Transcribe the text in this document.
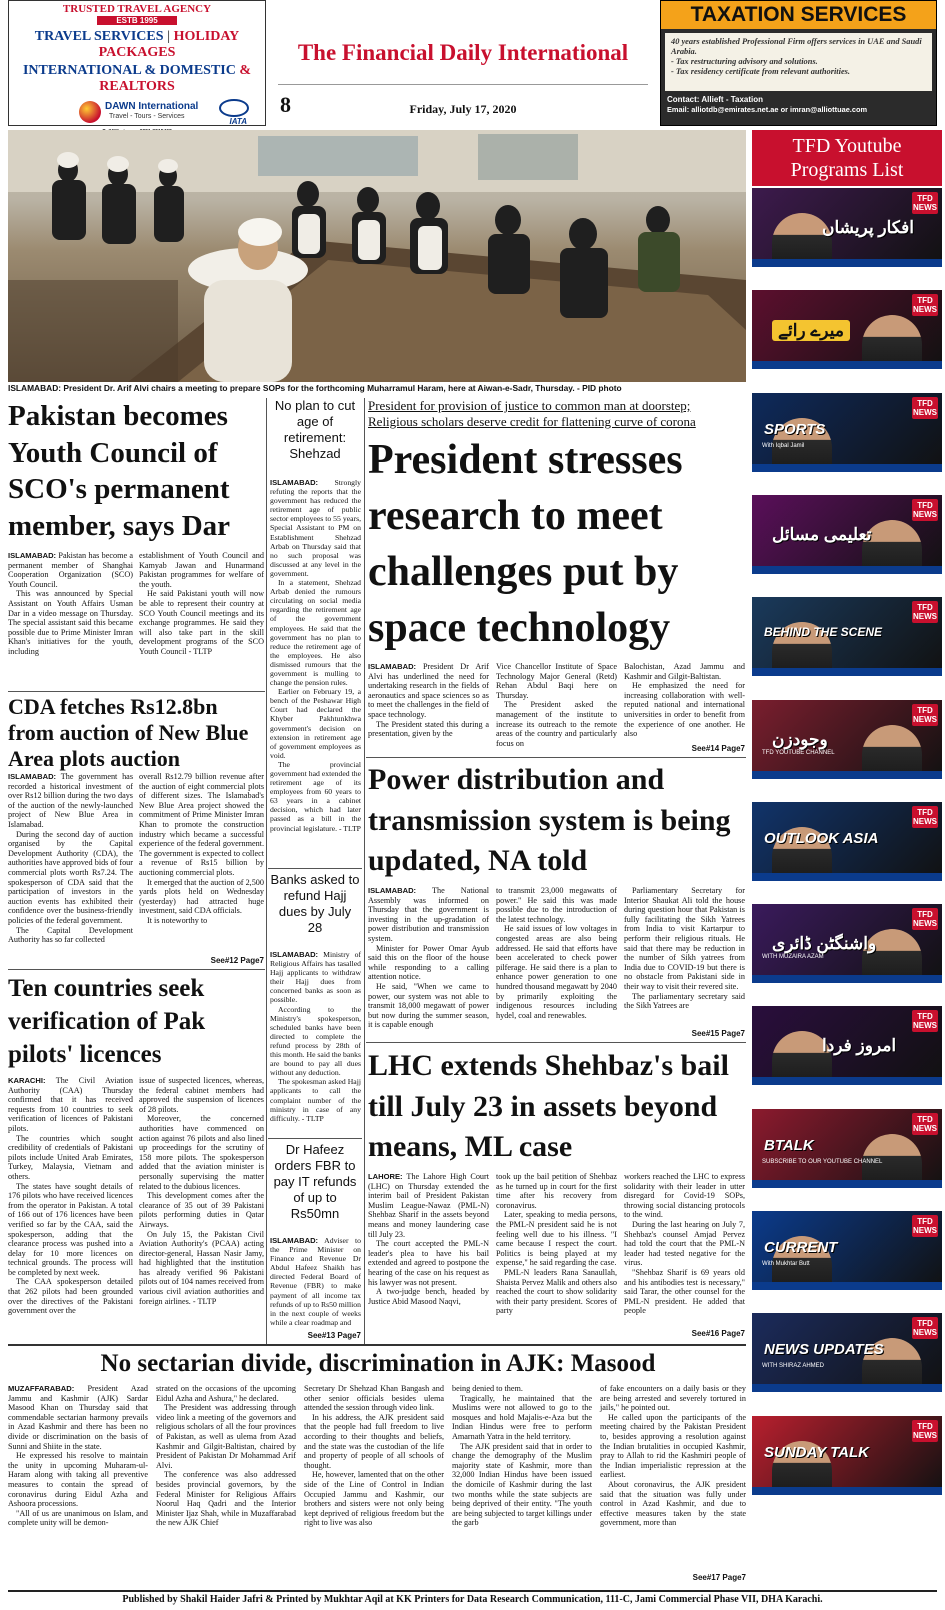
TRUSTED TRAVEL AGENCY
ESTB 1995
TRAVEL SERVICES | HOLIDAY PACKAGES
INTERNATIONAL & DOMESTIC & REALTORS
DAWN International
Travel - Tours - Services
IATA
The Financial Daily International
8	Friday, July 17, 2020
TAXATION SERVICES
40 years established Professional Firm offers services in UAE and Saudi Arabia.
- Tax restructuring advisory and solutions.
- Tax residency certificate from relevant authorities.
Contact: Allieft - Taxation
Email: alliotdb@emirates.net.ae or imran@alliottuae.com
ISLAMABAD: President Dr. Arif Alvi chairs a meeting to prepare SOPs for the forthcoming Muharramul Haram, here at Aiwan-e-Sadr, Thursday. - PID photo
TFD Youtube Programs List
TFD NEWS
افکار پریشاں
TFD NEWS
میرے رائے
TFD NEWS
SPORTS
With Iqbal Jamil
TFD NEWS
تعلیمی مسائل
TFD NEWS
BEHIND THE SCENE
TFD NEWS
وجودزن
TFD YOUTUBE CHANNEL
TFD NEWS
OUTLOOK ASIA
TFD NEWS
واشنگٹن ڈائری
WITH MUZAIRA AZAM
TFD NEWS
امروز فردا
TFD NEWS
BTALK
SUBSCRIBE TO OUR YOUTUBE CHANNEL
TFD NEWS
CURRENT
With Mukhtar Butt
TFD NEWS
NEWS UPDATES
WITH SHIRAZ AHMED
TFD NEWS
SUNDAY TALK
Pakistan becomes Youth Council of SCO's permanent member, says Dar

ISLAMABAD: Pakistan has become a permanent member of Shanghai Cooperation Organization (SCO) Youth Council.

This was announced by Special Assistant on Youth Affairs Usman Dar in a video message on Thursday. The special assistant said this became possible due to Prime Minister Imran Khan's initiatives for the youth, including

establishment of Youth Council and Kamyab Jawan and Hunarmand Pakistan programmes for welfare of the youth.

He said Pakistani youth will now be able to represent their country at SCO Youth Council meetings and its exchange programmes. He said they will also take part in the skill development programs of the SCO Youth Council - TLTP

CDA fetches Rs12.8bn from auction of New Blue Area plots auction

ISLAMABAD: The government has recorded a historical investment of over Rs12 billion during the two days of the auction of the newly-launched project of New Blue Area in Islamabad.

During the second day of auction organised by the Capital Development Authority (CDA), the authorities have approved bids of four commercial plots worth Rs7.24. The spokesperson of CDA said that the participation of investors in the auction events has exhibited their confidence over the business-friendly policies of the federal government.

The Capital Development Authority has so far collected

overall Rs12.79 billion revenue after the auction of eight commercial plots of different sizes. The Islamabad's New Blue Area project showed the commitment of Prime Minister Imran Khan to promote the construction industry which became a successful experience of the federal government. The government is expected to collect a revenue of Rs15 billion by auctioning commercial plots.

It emerged that the auction of 2,500 yards plots held on Wednesday (yesterday) had attracted huge investment, said CDA officials.

It is noteworthy to

See#12 Page7
Ten countries seek verification of Pak pilots' licences

KARACHI: The Civil Aviation Authority (CAA) Thursday confirmed that it has received requests from 10 countries to seek verification of licences of Pakistani pilots.

The countries which sought credibility of credentials of Pakistani pilots include United Arab Emirates, Turkey, Malaysia, Vietnam and others.

The states have sought details of 176 pilots who have received licences from the operator in Pakistan. A total of 166 out of 176 licences have been verified so far by the CAA, said the spokesperson, adding that the clearance process was pushed into a delay for 10 more licences on technical grounds. The process will be completed by next week.

The CAA spokesperson detailed that 262 pilots had been grounded over the directives of the Pakistani government over the

issue of suspected licences, whereas, the federal cabinet members had approved the suspension of licences of 28 pilots.

Moreover, the concerned authorities have commenced on action against 76 pilots and also lined up proceedings for the scrutiny of 158 more pilots. The spokesperson added that the aviation minister is personally supervising the matter related to the dubious licences.

This development comes after the clearance of 35 out of 39 Pakistani pilots performing duties in Qatar Airways.

On July 15, the Pakistan Civil Aviation Authority's (PCAA) acting director-general, Hassan Nasir Jamy, had highlighted that the institution has already verified 96 Pakistani pilots out of 104 names received from various civil aviation authorities and foreign airlines. - TLTP

No plan to cut age of retirement: Shehzad

ISLAMABAD: Strongly refuting the reports that the government has reduced the retirement age of public sector employees to 55 years, Special Assistant to PM on Establishment Shehzad Arbab on Thursday said that no such proposal was discussed at any level in the government.

In a statement, Shehzad Arbab denied the rumours circulating on social media regarding the retirement age of the government employees. He said that the government has no plan to reduce the retirement age of the employees. He also dismissed rumours that the government is mulling to change the pension rules.

Earlier on February 19, a bench of the Peshawar High Court had declared the Khyber Pakhtunkhwa government's decision on extension in retirement age of government employees as void.

The provincial government had extended the retirement age of its employees from 60 years to 63 years in a cabinet decision, which had later passed as a bill in the provincial legislature. - TLTP

Banks asked to refund Hajj dues by July 28

ISLAMABAD: Ministry of Religious Affairs has tasalled Hajj applicants to withdraw their Hajj dues from concerned banks as soon as possible.

According to the Ministry's spokesperson, scheduled banks have been directed to complete the refund process by 28th of this month. He said the banks are bound to pay all dues without any deduction.

The spokesman asked Hajj applicants to call the complaint number of the ministry in case of any difficulty. - TLTP

Dr Hafeez orders FBR to pay IT refunds of up to Rs50mn

ISLAMABAD: Adviser to the Prime Minister on Finance and Revenue Dr Abdul Hafeez Shaikh has directed Federal Board of Revenue (FBR) to make payment of all income tax refunds of up to Rs50 million in the next couple of weeks while a clear roadmap and

See#13 Page7
President for provision of justice to common man at doorstep;
Religious scholars deserve credit for flattening curve of corona
President stresses research to meet challenges put by space technology

ISLAMABAD: President Dr Arif Alvi has underlined the need for undertaking research in the fields of aeronautics and space sciences so as to meet the challenges in the field of space technology.

The President stated this during a presentation, given by the

Vice Chancellor Institute of Space Technology Major General (Retd) Rehan Abdul Baqi here on Thursday.

The President asked the management of the institute to increase its outreach to the remote areas of the country and particularly focus on

Balochistan, Azad Jammu and Kashmir and Gilgit-Baltistan.

He emphasized the need for increasing collaboration with well-reputed national and international universities in order to benefit from the experience of one another. He also

See#14 Page7
Power distribution and transmission system is being updated, NA told

ISLAMABAD: The National Assembly was informed on Thursday that the government is investing in the up-gradation of power distribution and transmission system.

Minister for Power Omar Ayub said this on the floor of the house while responding to a calling attention notice.

He said, "When we came to power, our system was not able to transmit 18,000 megawatt of power but now during the summer season, it is capable enough

to transmit 23,000 megawatts of power." He said this was made possible due to the introduction of the latest technology.

He said issues of low voltages in congested areas are also being addressed. He said that efforts have been accelerated to check power pilferage. He said there is a plan to enhance power generation to one hundred thousand megawatt by 2040 by primarily exploiting the indigenous resources including hydel, coal and renewables.

Parliamentary Secretary for Interior Shaukat Ali told the house during question hour that Pakistan is fully facilitating the Sikh Yatrees from India to visit Kartarpur to perform their religious rituals. He said that there may be reduction in the number of Sikh yatrees from India due to COVID-19 but there is no obstacle from Pakistani side in their way to visit their revered site.

The parliamentary secretary said the Sikh Yatrees are

See#15 Page7
LHC extends Shehbaz's bail till July 23 in assets beyond means, ML case

LAHORE: The Lahore High Court (LHC) on Thursday extended the interim bail of President Pakistan Muslim League-Nawaz (PML-N) Shehbaz Sharif in the assets beyond means and money laundering case till July 23.

The court accepted the PML-N leader's plea to have his bail extended and agreed to postpone the hearing of the case on his request as his lawyer was not present.

A two-judge bench, headed by Justice Abid Masood Naqvi,

took up the bail petition of Shehbaz as he turned up in court for the first time after his recovery from coronavirus.

Later, speaking to media persons, the PML-N president said he is not feeling well due to his illness. "I came because I respect the court. Politics is being played at my expense," he said regarding the case.

PML-N leaders Rana Sanaullah, Shaista Pervez Malik and others also reached the court to show solidarity with their party president. Scores of party

workers reached the LHC to express solidarity with their leader in utter disregard for Covid-19 SOPs, throwing social distancing protocols to the wind.

During the last hearing on July 7, Shehbaz's counsel Amjad Pervez had told the court that the PML-N leader had tested negative for the virus.

"Shehbaz Sharif is 69 years old and his antibodies test is necessary," said Tarar, the other counsel for the PML-N president. He added that people

See#16 Page7
No sectarian divide, discrimination in AJK: Masood

MUZAFFARABAD: President Azad Jammu and Kashmir (AJK) Sardar Masood Khan on Thursday said that commendable sectarian harmony prevails in Azad Kashmir and there has been no divide or discrimination on the basis of Sunni and Shiite in the state.

He expressed his resolve to maintain the unity in upcoming Muharam-ul-Haram along with taking all preventive measures to contain the spread of coronavirus during Eidul Azha and Ashoora processions.

"All of us are unanimous on Islam, and complete unity will be demon-

strated on the occasions of the upcoming Eidul Azha and Ashura," he declared.

The President was addressing through video link a meeting of the governors and religious scholars of all the four provinces of Pakistan, as well as ulema from Azad Kashmir and Gilgit-Baltistan, chaired by President of Pakistan Dr Mohammad Arif Alvi.

The conference was also addressed besides provincial governors, by the Federal Minister for Religious Affairs Noorul Haq Qadri and the Interior Minister Ijaz Shah, while in Muzaffarabad the new AJK Chief

Secretary Dr Shehzad Khan Bangash and other senior officials besides ulema attended the session through video link.

In his address, the AJK president said that the people had full freedom to live according to their thoughts and beliefs, and the state was the custodian of the life and property of people of all schools of thought.

He, however, lamented that on the other side of the Line of Control in Indian Occupied Jammu and Kashmir, our brothers and sisters were not only being kept deprived of religious freedom but the right to live was also

being denied to them.

Tragically, he maintained that the Muslims were not allowed to go to the mosques and hold Majalis-e-Aza but the Indian Hindus were free to perform Amarnath Yatra in the held territory.

The AJK president said that in order to change the demography of the Muslim majority state of Kashmir, more than 32,000 Indian Hindus have been issued the domicile of Kashmir during the last two months while the state subjects are being deprived of their entity. "The youth are being subjected to target killings under the garb

of fake encounters on a daily basis or they are being arrested and severely tortured in jails," he pointed out.

He called upon the participants of the meeting chaired by the Pakistan President to, besides approving a resolution against the Indian brutalities in occupied Kashmir, pray to Allah to rid the Kashmiri people of the Indian imperialistic repression at the earliest.

About coronavirus, the AJK president said that the situation was fully under control in Azad Kashmir, and due to effective measures taken by the state government, more than

See#17 Page7
Published by Shakil Haider Jafri & Printed by Mukhtar Aqil at KK Printers for Data Research Communication, 111-C, Jami Commercial Phase VII, DHA Karachi.
